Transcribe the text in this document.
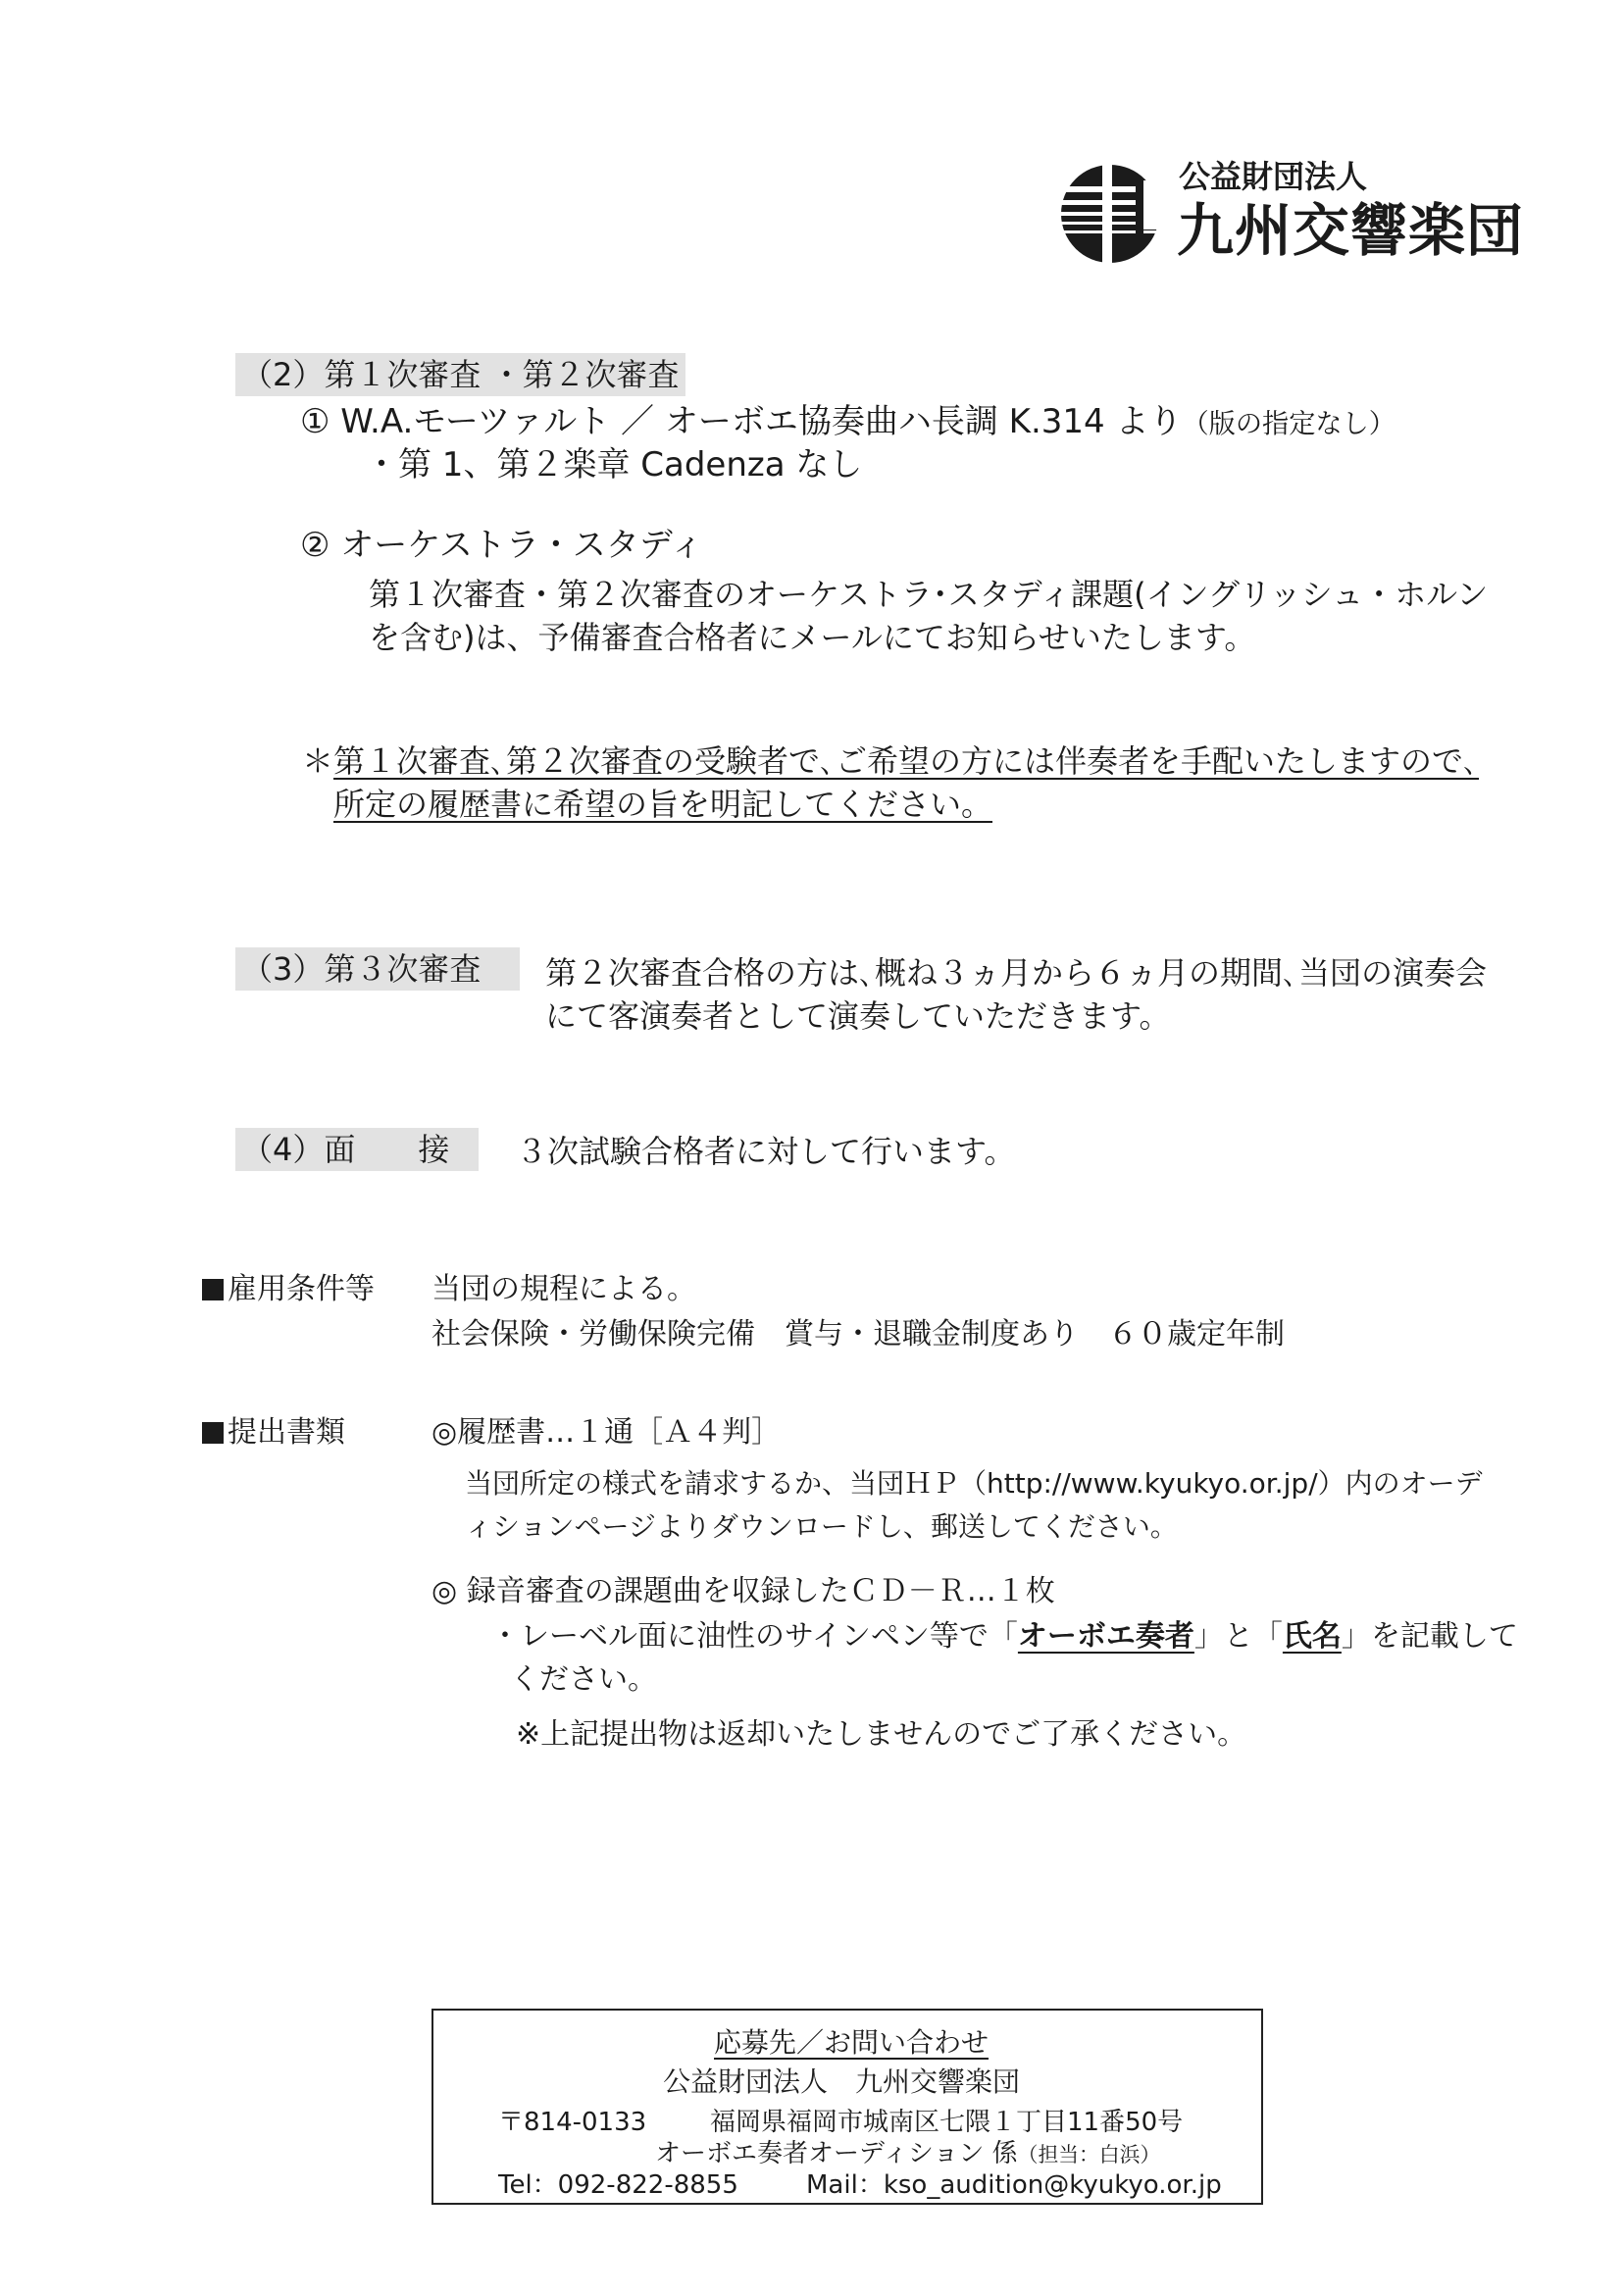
公益財団法人
九州交響楽団
（2）第１次審査 ・第２次審査
① W.A.モーツァルト ／ オーボエ協奏曲ハ長調 K.314 より（版の指定なし）
・第 1、第２楽章 Cadenza なし
② オーケストラ・スタディ
第１次審査・第２次審査のオーケストラ･スタディ課題(イングリッシュ・ホルン
を含む)は、予備審査合格者にメールにてお知らせいたします。
＊第１次審査､第２次審査の受験者で､ご希望の方には伴奏者を手配いたしますので､
所定の履歴書に希望の旨を明記してください。
（3）第３次審査	第２次審査合格の方は､概ね３ヵ月から６ヵ月の期間､当団の演奏会
にて客演奏者として演奏していただきます。
（4）面　　接	３次試験合格者に対して行います。
雇用条件等 当団の規程による。
社会保険・労働保険完備　賞与・退職金制度あり　６０歳定年制
提出書類	◎履歴書…１通［Ａ４判］
当団所定の様式を請求するか、当団ＨＰ（http://www.kyukyo.or.jp/）内のオーデ
ィションページよりダウンロードし、郵送してください。
◎ 録音審査の課題曲を収録したＣＤ－Ｒ…１枚
・レーベル面に油性のサインペン等で「オーボエ奏者」と「氏名」を記載して
ください。
※上記提出物は返却いたしませんのでご了承ください。
応募先／お問い合わせ
公益財団法人　九州交響楽団
〒814-0133 福岡県福岡市城南区七隈１丁目11番50号
オーボエ奏者オーディション 係（担当：白浜）
Tel：092-822-8855	Mail：kso_audition@kyukyo.or.jp
